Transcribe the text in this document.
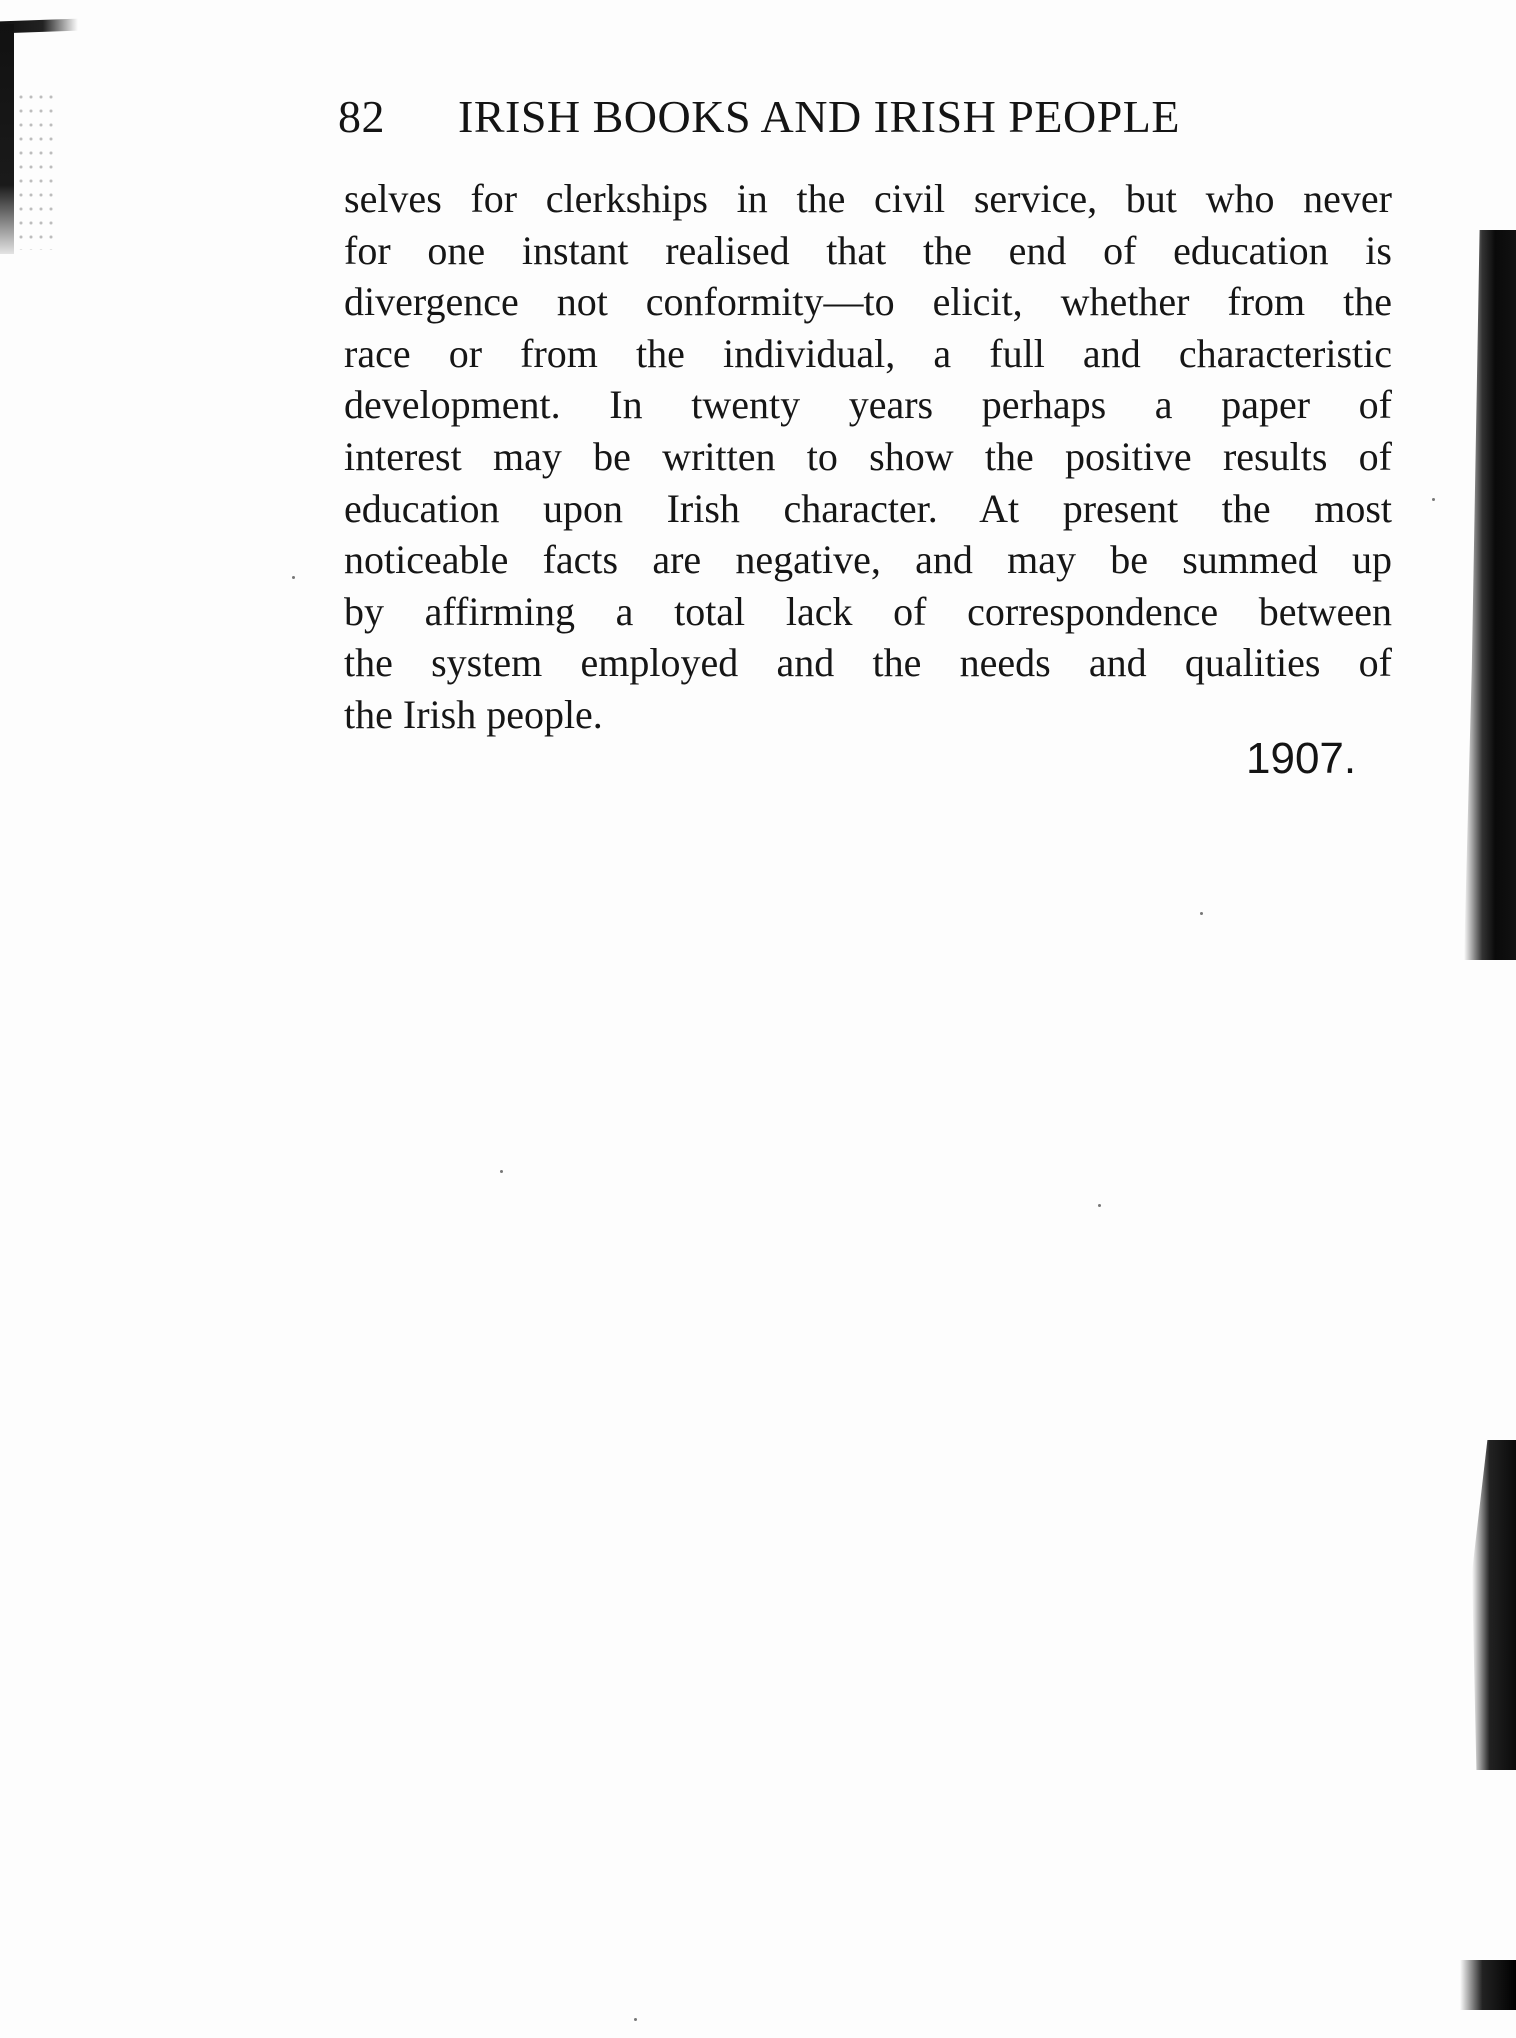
82 IRISH BOOKS AND IRISH PEOPLE
selves for clerkships in the civil service, but who never
for one instant realised that the end of education is
divergence not conformity—to elicit, whether from the
race or from the individual, a full and characteristic
development. In twenty years perhaps a paper of
interest may be written to show the positive results of
education upon Irish character. At present the most
noticeable facts are negative, and may be summed up
by affirming a total lack of correspondence between
the system employed and the needs and qualities of
the Irish people.
1907.
